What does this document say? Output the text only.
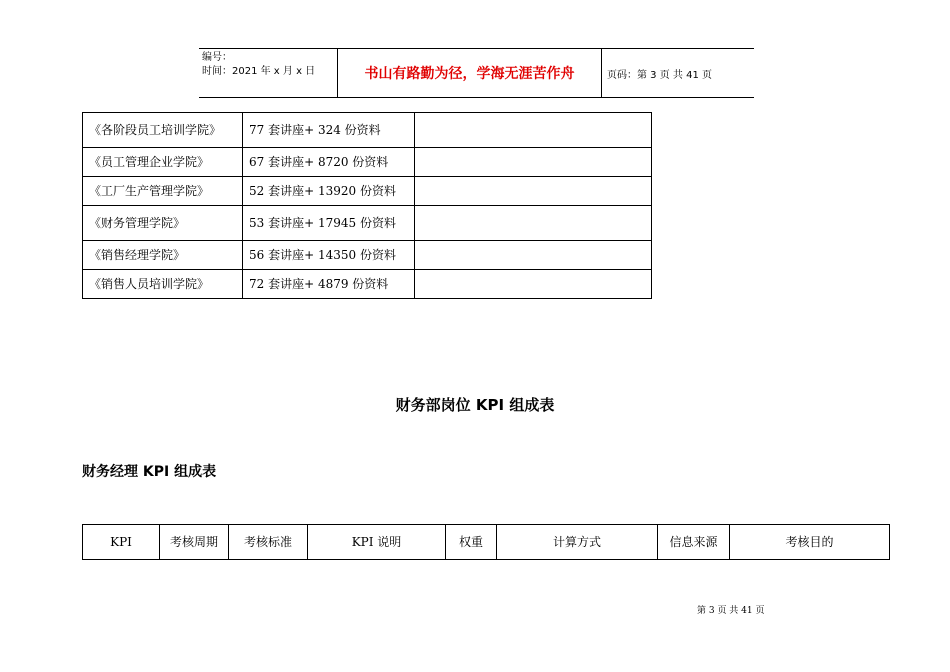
编号：
时间：2021 年 x 月 x 日	书山有路勤为径，学海无涯苦作舟	页码：第 3 页 共 41 页
《各阶段员工培训学院》	77 套讲座+ 324 份资料	
《员工管理企业学院》	67 套讲座+ 8720 份资料	
《工厂生产管理学院》	52 套讲座+ 13920 份资料	
《财务管理学院》	53 套讲座+ 17945 份资料	
《销售经理学院》	56 套讲座+ 14350 份资料	
《销售人员培训学院》	72 套讲座+ 4879 份资料	
财务部岗位 KPI 组成表
财务经理 KPI 组成表
KPI	考核周期	考核标准	KPI 说明	权重	计算方式	信息来源	考核目的
第 3 页 共 41 页
